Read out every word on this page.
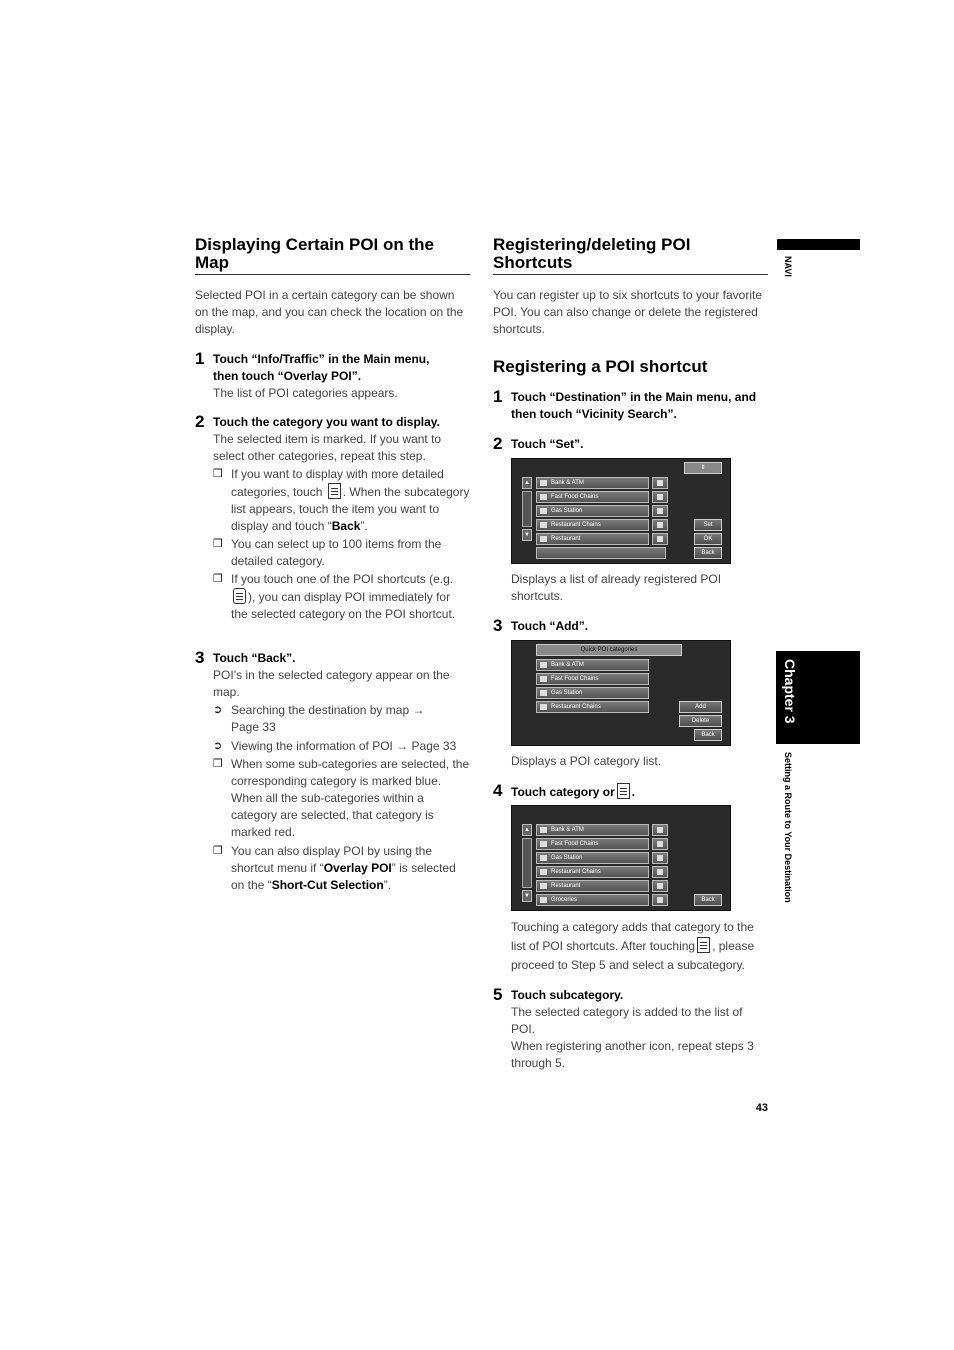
Displaying Certain POI on the Map
Selected POI in a certain category can be shown on the map, and you can check the location on the display.
1 Touch “Info/Traffic” in the Main menu,
then touch “Overlay POI”.
The list of POI categories appears.
2 Touch the category you want to display.
The selected item is marked. If you want to select other categories, repeat this step.
❒ If you want to display with more detailed categories, touch . When the subcategory list appears, touch the item you want to display and touch “Back”.
❒ You can select up to 100 items from the detailed category.
❒ If you touch one of the POI shortcuts (e.g.), you can display POI immediately for the selected category on the POI shortcut.
3 Touch “Back”.
POI’s in the selected category appear on the map.
➲ Searching the destination by map → Page 33
➲ Viewing the information of POI → Page 33
❒ When some sub-categories are selected, the corresponding category is marked blue. When all the sub-categories within a category are selected, that category is marked red.
❒ You can also display POI by using the shortcut menu if “Overlay POI” is selected on the “Short-Cut Selection”.
Registering/deleting POI Shortcuts
You can register up to six shortcuts to your favorite POI. You can also change or delete the registered shortcuts.
Registering a POI shortcut
1 Touch “Destination” in the Main menu, and then touch “Vicinity Search”.
2 Touch “Set”.
▲
▼
Bank & ATM
Fast Food Chains
Gas Station
Restaurant Chains
Restaurant
⇕
Set
OK
Back
Displays a list of already registered POI shortcuts.
3 Touch “Add”.
Quick POI categories
Bank & ATM
Fast Food Chains
Gas Station
Restaurant Chains	Add
Delete
Back
Displays a POI category list.
4 Touch category or .
▲
▼
Bank & ATM
Fast Food Chains
Gas Station
Restaurant Chains
Restaurant
Groceries	Back
Touching a category adds that category to the list of POI shortcuts. After touching , please proceed to Step 5 and select a subcategory.
5 Touch subcategory.
The selected category is added to the list of POI.
When registering another icon, repeat steps 3 through 5.
43
NAVI
Chapter 3
Setting a Route to Your Destination
